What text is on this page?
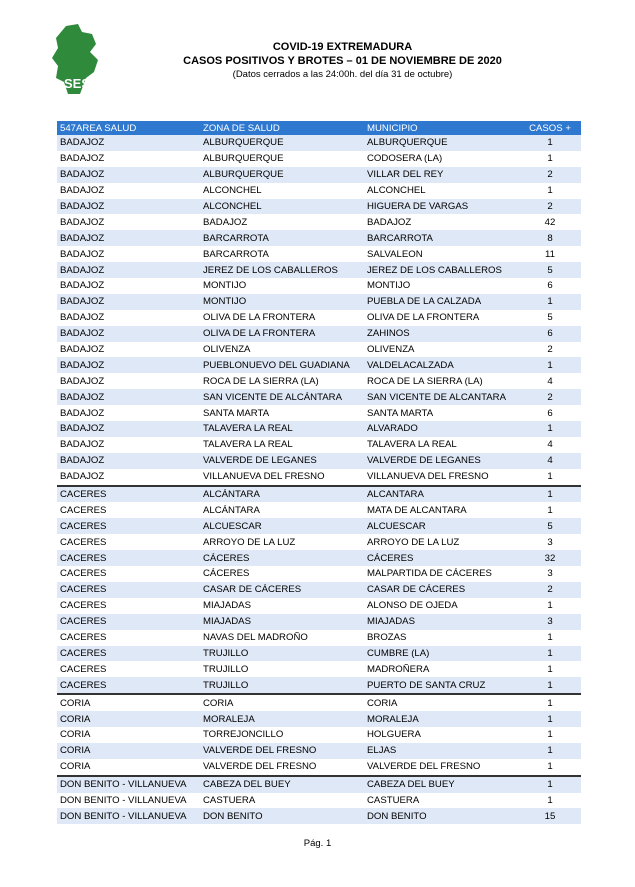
SES
COVID-19 EXTREMADURA
CASOS POSITIVOS Y BROTES – 01 DE NOVIEMBRE DE 2020
(Datos cerrados a las 24:00h. del día 31 de octubre)
547AREA SALUD	ZONA DE SALUD	MUNICIPIO	CASOS +
BADAJOZ	ALBURQUERQUE	ALBURQUERQUE	1
BADAJOZ	ALBURQUERQUE	CODOSERA (LA)	1
BADAJOZ	ALBURQUERQUE	VILLAR DEL REY	2
BADAJOZ	ALCONCHEL	ALCONCHEL	1
BADAJOZ	ALCONCHEL	HIGUERA DE VARGAS	2
BADAJOZ	BADAJOZ	BADAJOZ	42
BADAJOZ	BARCARROTA	BARCARROTA	8
BADAJOZ	BARCARROTA	SALVALEON	11
BADAJOZ	JEREZ DE LOS CABALLEROS	JEREZ DE LOS CABALLEROS	5
BADAJOZ	MONTIJO	MONTIJO	6
BADAJOZ	MONTIJO	PUEBLA DE LA CALZADA	1
BADAJOZ	OLIVA DE LA FRONTERA	OLIVA DE LA FRONTERA	5
BADAJOZ	OLIVA DE LA FRONTERA	ZAHINOS	6
BADAJOZ	OLIVENZA	OLIVENZA	2
BADAJOZ	PUEBLONUEVO DEL GUADIANA	VALDELACALZADA	1
BADAJOZ	ROCA DE LA SIERRA (LA)	ROCA DE LA SIERRA (LA)	4
BADAJOZ	SAN VICENTE DE ALCÁNTARA	SAN VICENTE DE ALCANTARA	2
BADAJOZ	SANTA MARTA	SANTA MARTA	6
BADAJOZ	TALAVERA LA REAL	ALVARADO	1
BADAJOZ	TALAVERA LA REAL	TALAVERA LA REAL	4
BADAJOZ	VALVERDE DE LEGANES	VALVERDE DE LEGANES	4
BADAJOZ	VILLANUEVA DEL FRESNO	VILLANUEVA DEL FRESNO	1
CACERES	ALCÁNTARA	ALCANTARA	1
CACERES	ALCÁNTARA	MATA DE ALCANTARA	1
CACERES	ALCUESCAR	ALCUESCAR	5
CACERES	ARROYO DE LA LUZ	ARROYO DE LA LUZ	3
CACERES	CÁCERES	CÁCERES	32
CACERES	CÁCERES	MALPARTIDA DE CÁCERES	3
CACERES	CASAR DE CÁCERES	CASAR DE CÁCERES	2
CACERES	MIAJADAS	ALONSO DE OJEDA	1
CACERES	MIAJADAS	MIAJADAS	3
CACERES	NAVAS DEL MADROÑO	BROZAS	1
CACERES	TRUJILLO	CUMBRE (LA)	1
CACERES	TRUJILLO	MADROÑERA	1
CACERES	TRUJILLO	PUERTO DE SANTA CRUZ	1
CORIA	CORIA	CORIA	1
CORIA	MORALEJA	MORALEJA	1
CORIA	TORREJONCILLO	HOLGUERA	1
CORIA	VALVERDE DEL FRESNO	ELJAS	1
CORIA	VALVERDE DEL FRESNO	VALVERDE DEL FRESNO	1
DON BENITO - VILLANUEVA	CABEZA DEL BUEY	CABEZA DEL BUEY	1
DON BENITO - VILLANUEVA	CASTUERA	CASTUERA	1
DON BENITO - VILLANUEVA	DON BENITO	DON BENITO	15
Pág. 1
